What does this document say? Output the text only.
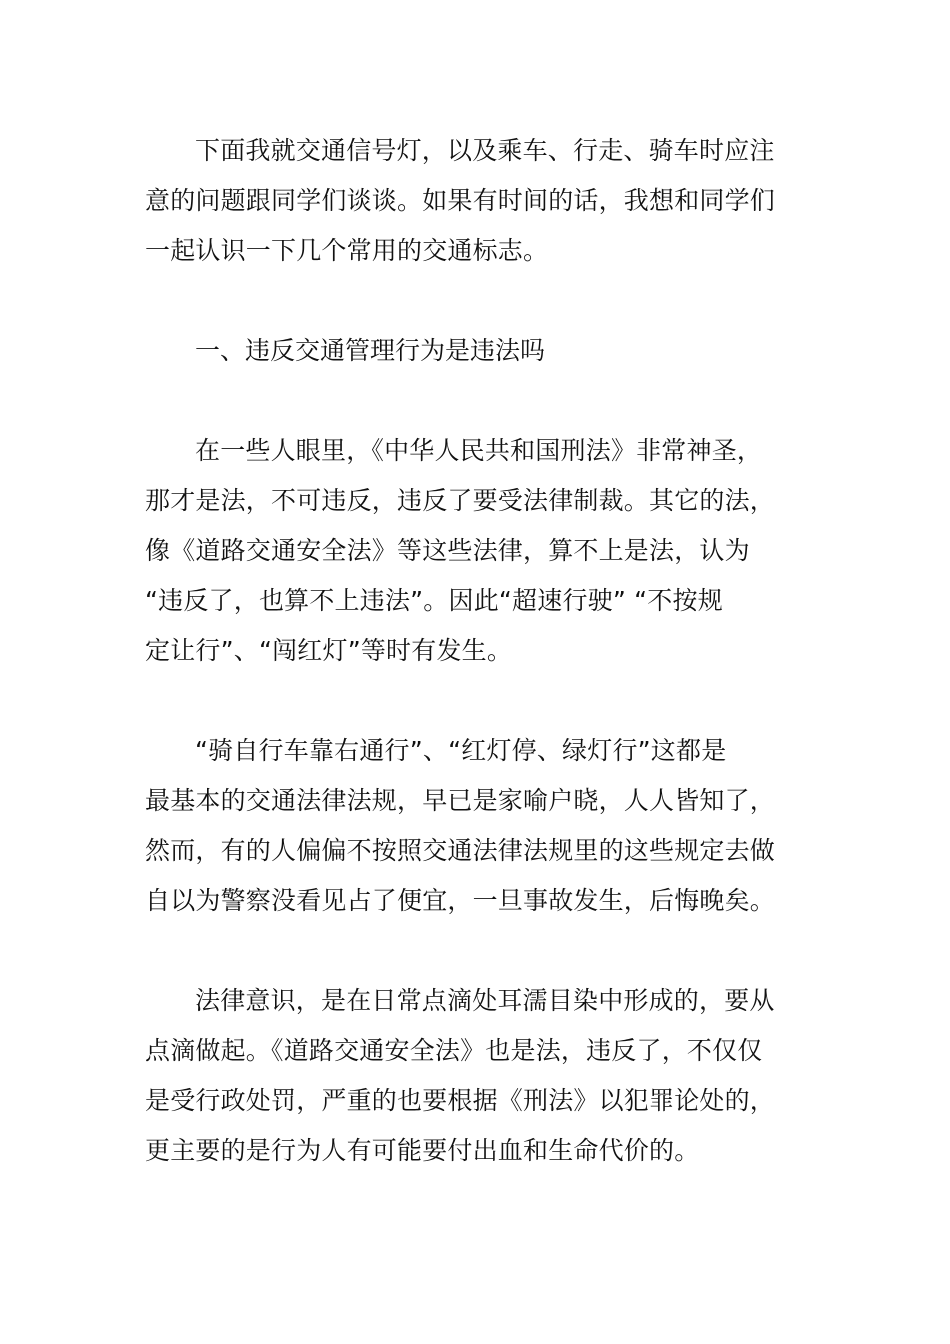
下面我就交通信号灯，以及乘车、行走、骑车时应注
意的问题跟同学们谈谈。如果有时间的话，我想和同学们
一起认识一下几个常用的交通标志。
一、违反交通管理行为是违法吗
在一些人眼里，《中华人民共和国刑法》非常神圣，
那才是法，不可违反，违反了要受法律制裁。其它的法，
像《道路交通安全法》等这些法律，算不上是法，认为
“违反了，也算不上违法”。因此“超速行驶” “不按规
定让行”、“闯红灯”等时有发生。
“骑自行车靠右通行”、“红灯停、绿灯行”这都是
最基本的交通法律法规，早已是家喻户晓，人人皆知了，
然而，有的人偏偏不按照交通法律法规里的这些规定去做
自以为警察没看见占了便宜，一旦事故发生，后悔晚矣。
法律意识，是在日常点滴处耳濡目染中形成的，要从
点滴做起。《道路交通安全法》也是法，违反了，不仅仅
是受行政处罚，严重的也要根据《刑法》以犯罪论处的，
更主要的是行为人有可能要付出血和生命代价的。
